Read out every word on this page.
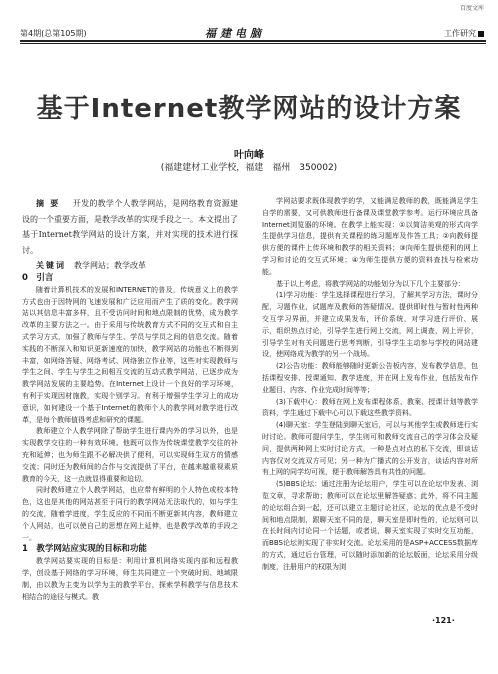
百度文库
第4期(总第105期)	福建电脑	工作研究
基于Internet教学网站的设计方案
叶向峰
(福建建材工业学校，福建　福州　350002)

摘要　 开发的教学个人教学网站，是网络教育资源建设的一个重要方面，是教学改革的实现手段之一。本文提出了基于Internet教学网站的设计方案，并对实现的技术进行探讨。

关键词　 教学网站；教学改革

0　引言

随着计算机技术的发展和INTERNET的普及，传统意义上的教学方式也由于因特网的飞速发展和广泛应用而产生了质的变化。教学网站以其信息丰富多样，且不受访问时间和地点限制的优势，成为教学改革的主要方法之一。由于采用与传统教育方式不同的交互式和自主式学习方式，加强了教师与学生、学员与学员之间的信息交流。随着实践的不断深入和知识更新速度的加快，教学网站的功能也不断得到丰富，如网络答疑、网络考试、网络独立作业等，这些对实现教师与学生之间、学生与学生之间相互交流的互动式教学网站，已逐步成为教学网站发展的主要趋势。在Internet上设计一个良好的学习环境，有利于实现因材施教，实现个别学习。有利于增强学生学习上的成功意识，如何建设一个基于Internet的教师个人的教学网对教学进行改革，是每个教师值得考虑和研究的课题。

教师建立个人教学网除了帮助学生进行课内外的学习以外，也是实现教学交往的一种有效环境。他既可以作为传统课堂教学交往的补充和延伸；也为师生跟不必解决供了便利，可以实现师生双方的情感交流；同时还为教师间的合作与交流提供了平台，在越来越重视素质教育的今天，这一点就显得重要和迫切。

同时教师建立个人教学网站，也应带有鲜明的个人特色或校本特色，这也是其他的网站甚至于同行的教学网站无法取代的，如与学生的交流，随着学进度，学生反应的不同而不断更新其内容，教师建立个人网站，也可以使自己的思想在网上延伸，也是教学改革的手段之一。

1　教学网站应实现的目标和功能

教学网站要实现的目标是：利用计算机网络实现内部和远程教学，创设基于网络的学习环境，师生共同建立一个突破时间、地域限制，由以教为主变为以学为主的教学平台，探索学科教学与信息技术相结合的途径与模式。教

学网站要求既体现教学的学，又能满足教师的教，既能满足学生自学的需要，又可供教师进行备课及课堂教学参考。运行环境应具备Internet浏览器的环境。在教学上能实现：①以简洁美观的形式向学生提供学习信息，提供有关课程的练习题库及作答工具；②向教师提供方便的课件上传环境和教学的相关资料；③向师生提供便利的网上学习和讨论的交互式环境；④为师生提供方便的资料查找与检索功能。

基于以上考虑，将教学网站的功能划分为以下几个主要部分：

(1)学习功能：学生选择课程进行学习，了解其学习方法，课时分配，习题作业，试题库及教师的答疑情况。提供即时性与暂时性两种交互学习界面，并建立成果发布，评价系统，对学习进行评价、展示，组织热点讨论，引导学生进行网上交流，网上调查，网上评价，引导学生对有关问题进行思考判断，引导学生主动参与学校的网站建设，使网络成为教学的另一个战场。

(2)公告功能：教师能够随时更新公告板内容，发布教学信息，包括课程安排、授课通知、教学进度，并在网上发布作业，包括发布作业题目、内容、作业完成时间等等；

(3)下载中心：教师在网上发布课程体系、教案、授课计划等教学资料，学生通过下载中心可以下载这些教学资料。

(4)聊天室：学生登陆到聊天室后，可以与其他学生或教师进行实时讨论。教师可提问学生，学生则可和教师交流自己的学习体会及疑问，提供两种网上实时讨论方式，一种是点对点的私下交流，即谈话内容仅对交流双方可见；另一种为广播式的公开发言，谈话内容对所有上网的同学均可视，便于教师解答具有共性的问题。

(5)BBS论坛：通过注册为论坛用户，学生可以在论坛中发表、浏览文章，寻求帮助；教师可以在论坛里解答疑惑；此外，将不同主题的论坛组合到一起，还可以建立主题讨论社区，论坛的优点是不受时间和地点限制，跟聊天室不同的是，聊天室是即时性的，论坛则可以在长时间内讨论同一个话题，或者说，聊天室实现了实时交互功能，而BBS论坛则实现了非实时交流。论坛采用的是ASP+ACCESS数据库的方式，通过后台管理，可以随时添加新的论坛版面，论坛采用分级制度，注册用户的权限为浏

·121·
